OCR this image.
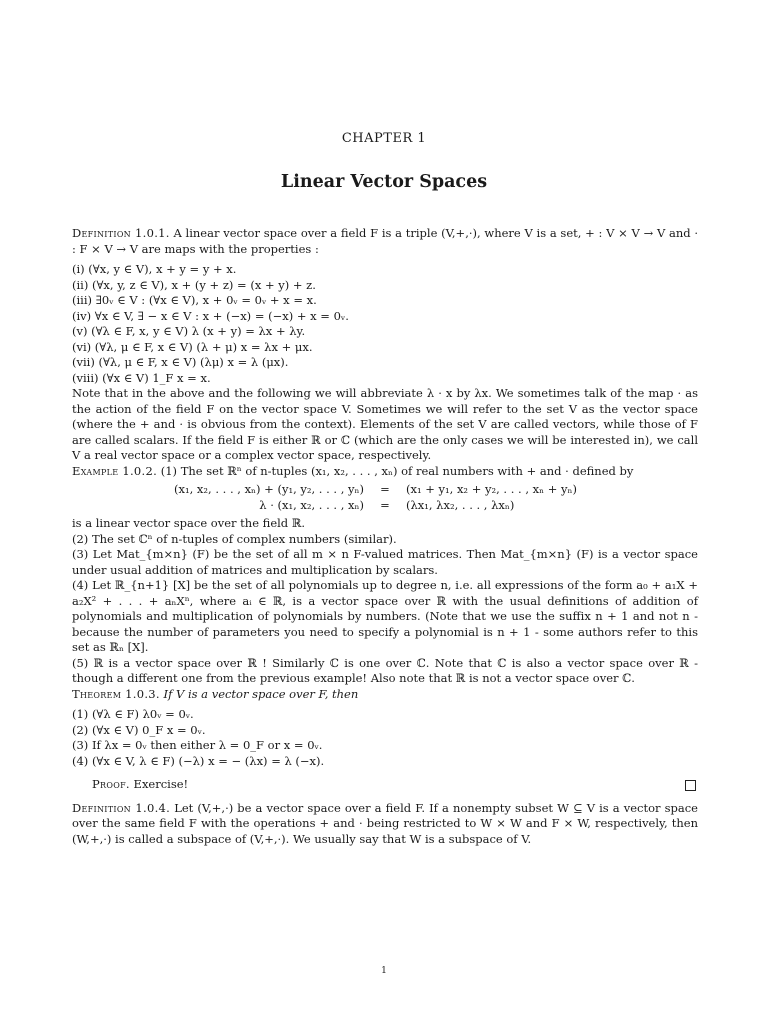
CHAPTER 1
Linear Vector Spaces

Definition 1.0.1. A linear vector space over a field F is a triple (V,+,·), where V is a set, + : V × V → V and · : F × V → V are maps with the properties :

(i) (∀x, y ∈ V), x + y = y + x.

(ii) (∀x, y, z ∈ V), x + (y + z) = (x + y) + z.

(iii) ∃0ᵥ ∈ V : (∀x ∈ V), x + 0ᵥ = 0ᵥ + x = x.

(iv) ∀x ∈ V, ∃ − x ∈ V : x + (−x) = (−x) + x = 0ᵥ.

(v) (∀λ ∈ F, x, y ∈ V) λ (x + y) = λx + λy.

(vi) (∀λ, μ ∈ F, x ∈ V) (λ + μ) x = λx + μx.

(vii) (∀λ, μ ∈ F, x ∈ V) (λμ) x = λ (μx).

(viii) (∀x ∈ V) 1_F x = x.

Note that in the above and the following we will abbreviate λ · x by λx. We sometimes talk of the map · as the action of the field F on the vector space V. Sometimes we will refer to the set V as the vector space (where the + and · is obvious from the context). Elements of the set V are called vectors, while those of F are called scalars. If the field F is either ℝ or ℂ (which are the only cases we will be interested in), we call V a real vector space or a complex vector space, respectively.

Example 1.0.2. (1) The set ℝⁿ of n-tuples (x₁, x₂, . . . , xₙ) of real numbers with + and · defined by

(x₁, x₂, . . . , xₙ) + (y₁, y₂, . . . , yₙ)	=	(x₁ + y₁, x₂ + y₂, . . . , xₙ + yₙ)
λ · (x₁, x₂, . . . , xₙ)	=	(λx₁, λx₂, . . . , λxₙ)

is a linear vector space over the field ℝ.

(2) The set ℂⁿ of n-tuples of complex numbers (similar).

(3) Let Mat_{m×n} (F) be the set of all m × n F-valued matrices. Then Mat_{m×n} (F) is a vector space under usual addition of matrices and multiplication by scalars.

(4) Let ℝ_{n+1} [X] be the set of all polynomials up to degree n, i.e. all expressions of the form a₀ + a₁X + a₂X² + . . . + aₙXⁿ, where aᵢ ∈ ℝ, is a vector space over ℝ with the usual definitions of addition of polynomials and multiplication of polynomials by numbers. (Note that we use the suffix n + 1 and not n - because the number of parameters you need to specify a polynomial is n + 1 - some authors refer to this set as ℝₙ [X].

(5) ℝ is a vector space over ℝ ! Similarly ℂ is one over ℂ. Note that ℂ is also a vector space over ℝ - though a different one from the previous example! Also note that ℝ is not a vector space over ℂ.

Theorem 1.0.3. If V is a vector space over F, then

(1) (∀λ ∈ F) λ0ᵥ = 0ᵥ.

(2) (∀x ∈ V) 0_F x = 0ᵥ.

(3) If λx = 0ᵥ then either λ = 0_F or x = 0ᵥ.

(4) (∀x ∈ V, λ ∈ F) (−λ) x = − (λx) = λ (−x).

Proof. Exercise!

Definition 1.0.4. Let (V,+,·) be a vector space over a field F. If a nonempty subset W ⊆ V is a vector space over the same field F with the operations + and · being restricted to W × W and F × W, respectively, then (W,+,·) is called a subspace of (V,+,·). We usually say that W is a subspace of V.

1
